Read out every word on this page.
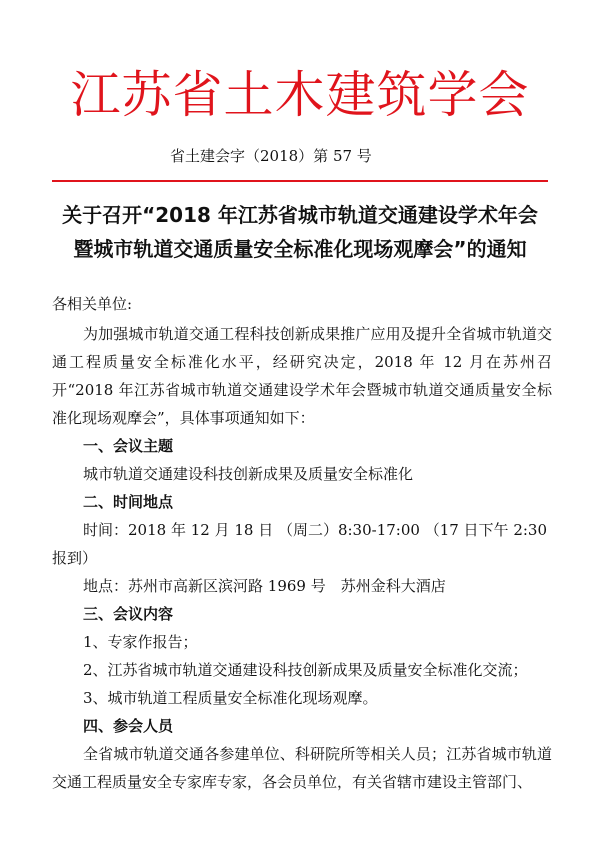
江苏省土木建筑学会
省土建会字（2018）第 57 号
关于召开“2018 年江苏省城市轨道交通建设学术年会
暨城市轨道交通质量安全标准化现场观摩会”的通知

各相关单位:

为加强城市轨道交通工程科技创新成果推广应用及提升全省城市轨道交通工程质量安全标准化水平，经研究决定，2018 年 12 月在苏州召开“2018 年江苏省城市轨道交通建设学术年会暨城市轨道交通质量安全标准化现场观摩会”，具体事项通知如下：

一、会议主题

城市轨道交通建设科技创新成果及质量安全标准化

二、时间地点

时间：2018 年 12 月 18 日 （周二）8:30-17:00 （17 日下午 2:30 报到）

地点：苏州市高新区滨河路 1969 号　苏州金科大酒店

三、会议内容

1、专家作报告；

2、江苏省城市轨道交通建设科技创新成果及质量安全标准化交流；

3、城市轨道工程质量安全标准化现场观摩。

四、参会人员

全省城市轨道交通各参建单位、科研院所等相关人员；江苏省城市轨道交通工程质量安全专家库专家，各会员单位，有关省辖市建设主管部门、
